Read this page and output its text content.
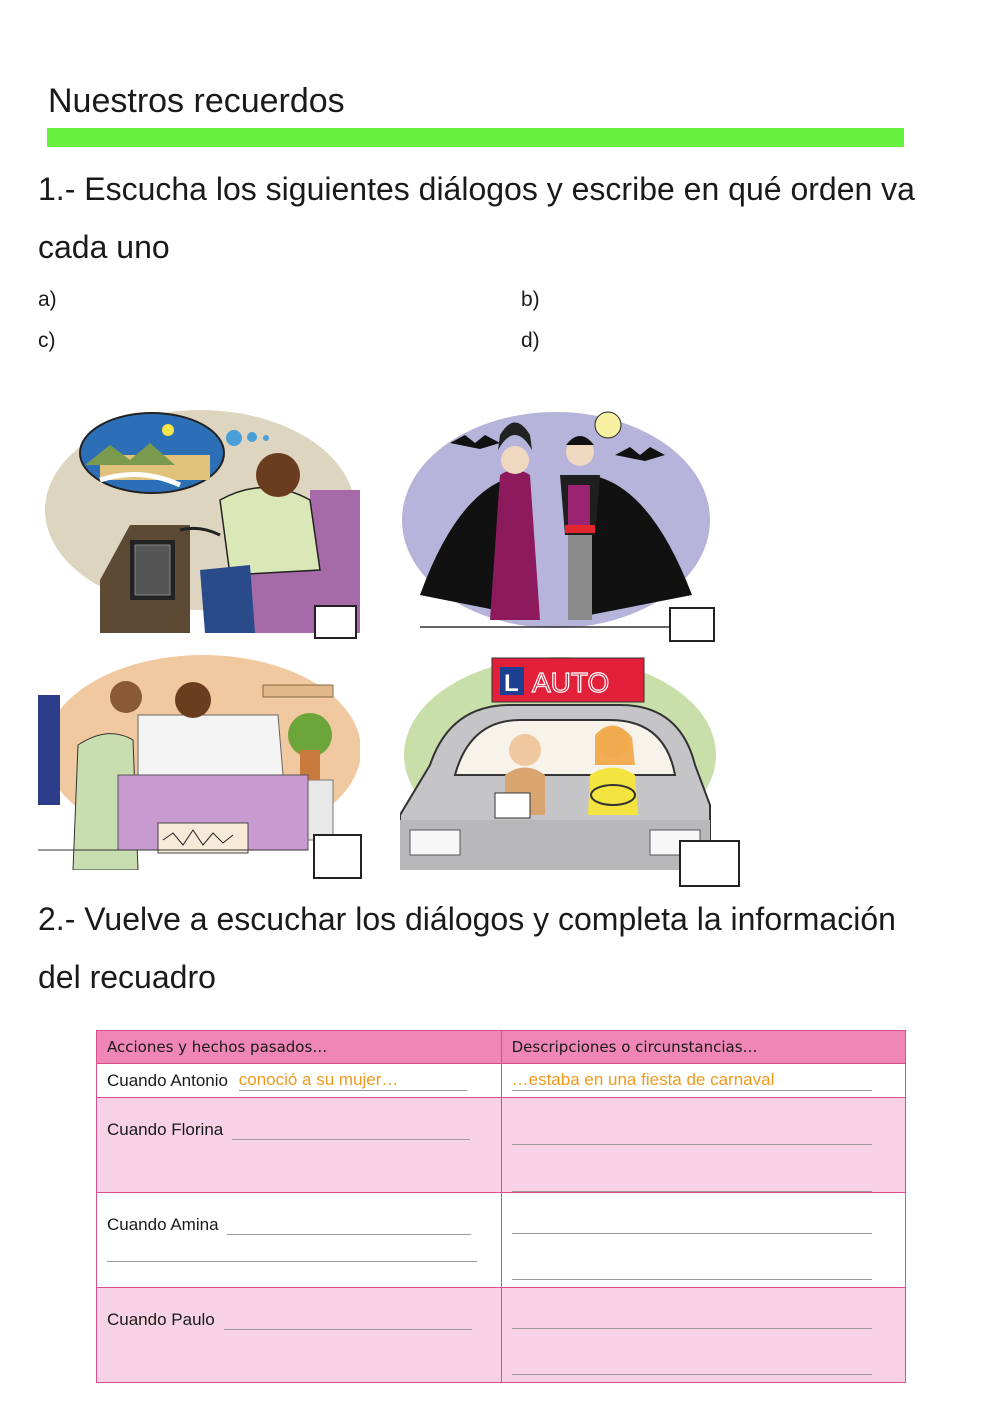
Nuestros recuerdos
1.- Escucha los siguientes diálogos y escribe en qué orden va
cada uno
a)	b)
c)	d)
L AUTO
2.- Vuelve a escuchar los diálogos y completa la información
del recuadro
Acciones y hechos pasados…	Descripciones o circunstancias…
Cuando Antonio conoció a su mujer…	…estaba en una fiesta de carnaval

Cuando Florina	

Cuando Amina	

Cuando Paulo	
